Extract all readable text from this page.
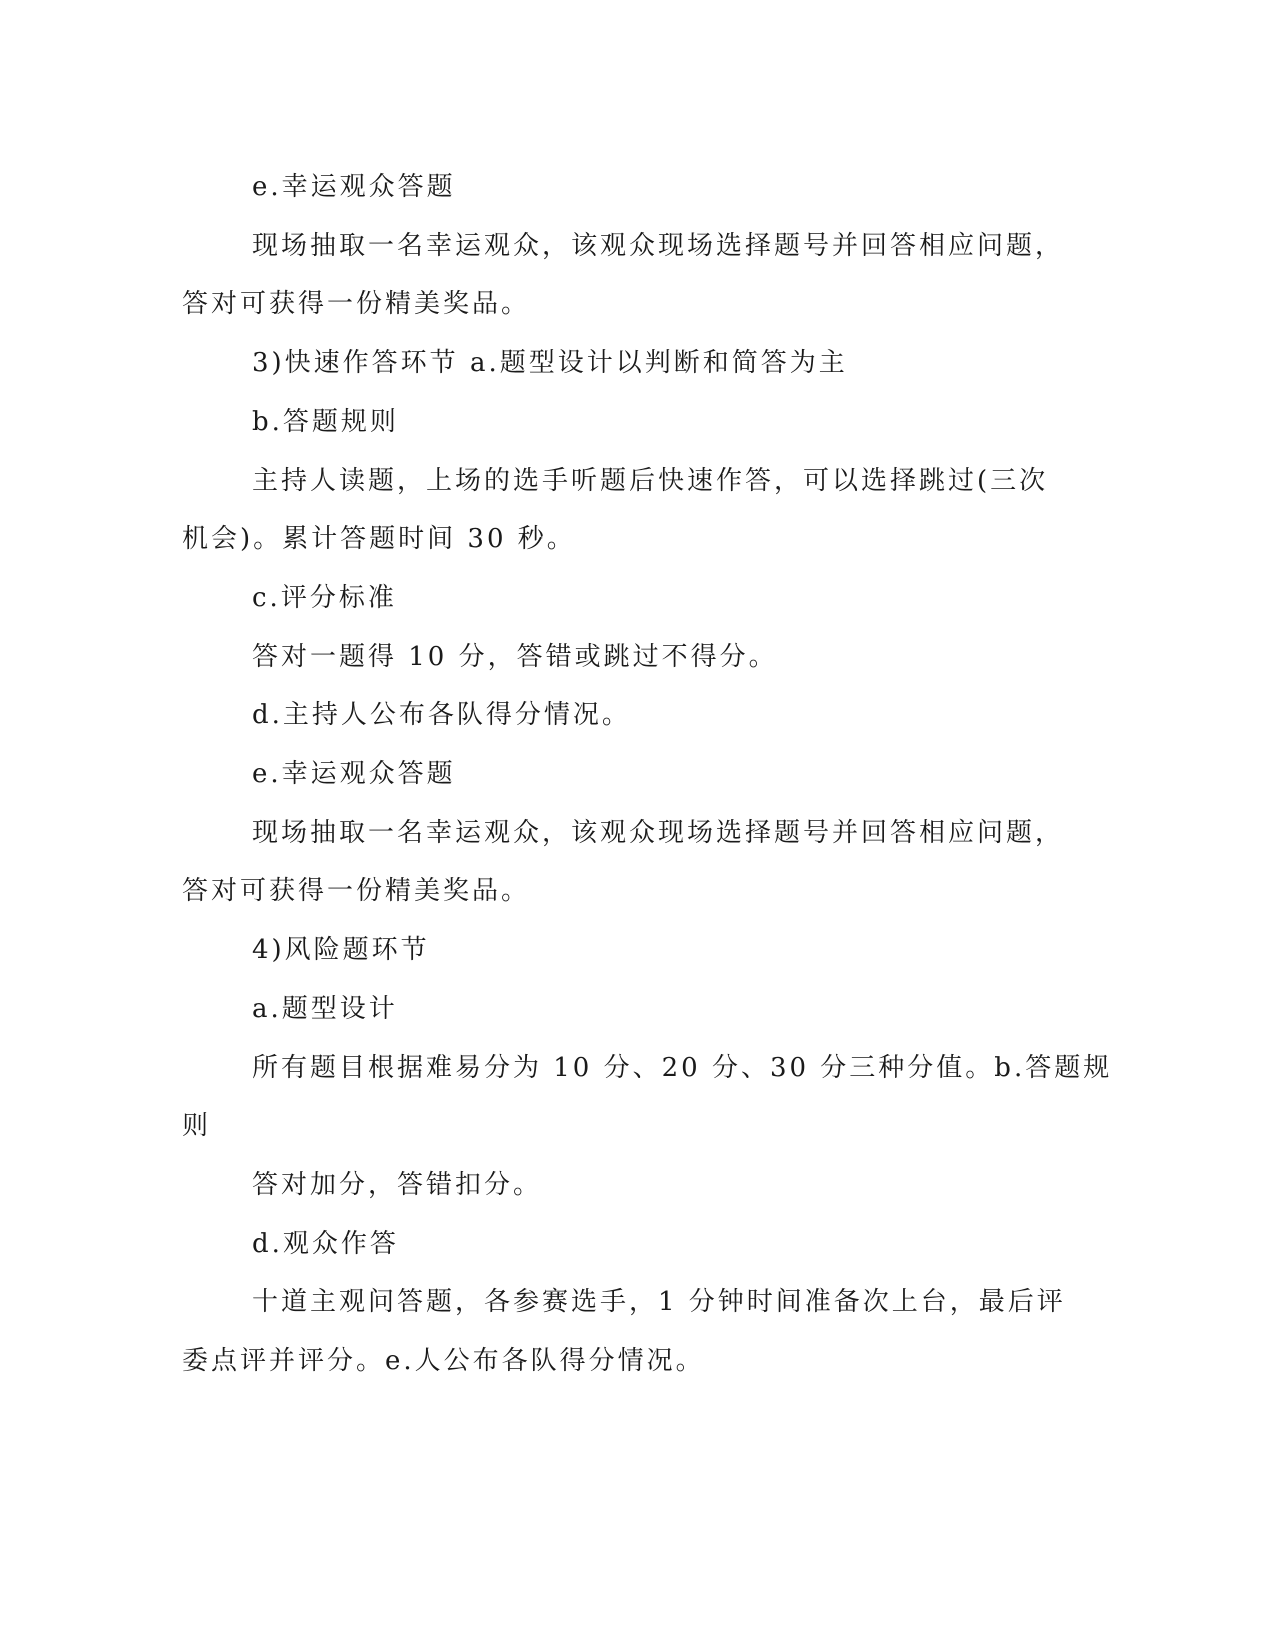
e.幸运观众答题

现场抽取一名幸运观众，该观众现场选择题号并回答相应问题，

答对可获得一份精美奖品。

3)快速作答环节 a.题型设计以判断和简答为主

b.答题规则

主持人读题，上场的选手听题后快速作答，可以选择跳过(三次

机会)。累计答题时间 30 秒。

c.评分标准

答对一题得 10 分，答错或跳过不得分。

d.主持人公布各队得分情况。

e.幸运观众答题

现场抽取一名幸运观众，该观众现场选择题号并回答相应问题，

答对可获得一份精美奖品。

4)风险题环节

a.题型设计

所有题目根据难易分为 10 分、20 分、30 分三种分值。b.答题规

则

答对加分，答错扣分。

d.观众作答

十道主观问答题，各参赛选手，1 分钟时间准备次上台，最后评

委点评并评分。e.人公布各队得分情况。
